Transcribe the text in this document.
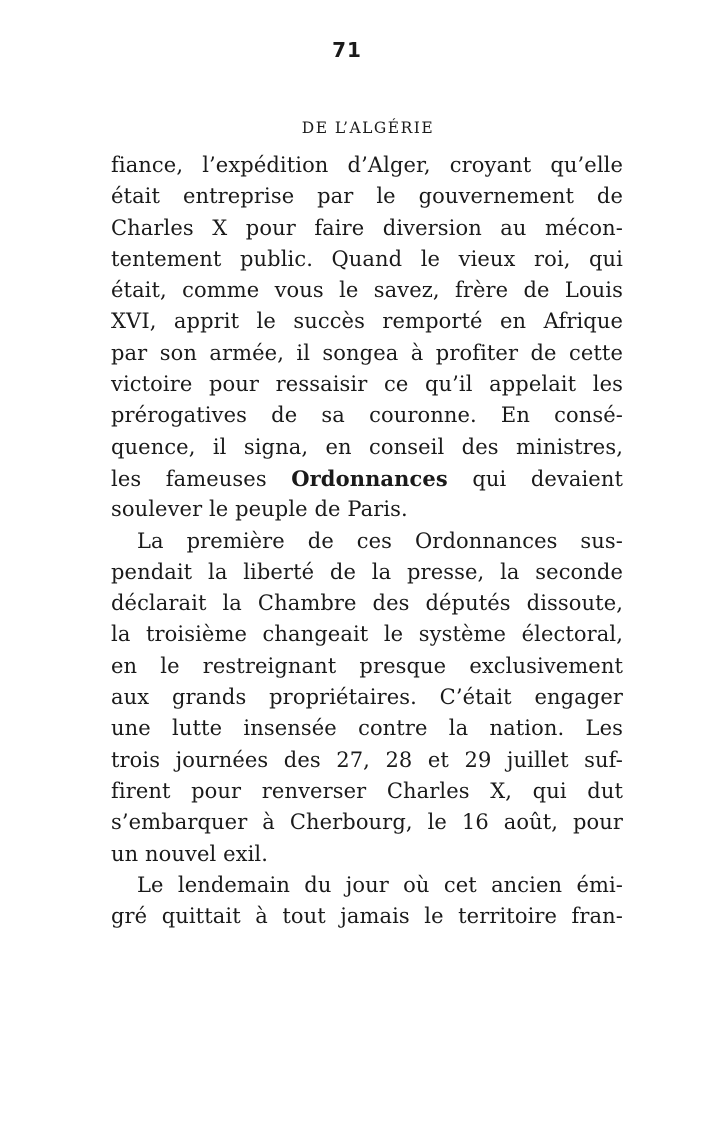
71
DE L’ALGÉRIE
fiance, l’expédition d’Alger, croyant qu’elle
était entreprise par le gouvernement de
Charles X pour faire diversion au mécon-
tentement public. Quand le vieux roi, qui
était, comme vous le savez, frère de Louis
XVI, apprit le succès remporté en Afrique
par son armée, il songea à profiter de cette
victoire pour ressaisir ce qu’il appelait les
prérogatives de sa couronne. En consé-
quence, il signa, en conseil des ministres,
les fameuses Ordonnances qui devaient
soulever le peuple de Paris.
La première de ces Ordonnances sus-
pendait la liberté de la presse, la seconde
déclarait la Chambre des députés dissoute,
la troisième changeait le système électoral,
en le restreignant presque exclusivement
aux grands propriétaires. C’était engager
une lutte insensée contre la nation. Les
trois journées des 27, 28 et 29 juillet suf-
firent pour renverser Charles X, qui dut
s’embarquer à Cherbourg, le 16 août, pour
un nouvel exil.
Le lendemain du jour où cet ancien émi-
gré quittait à tout jamais le territoire fran-
